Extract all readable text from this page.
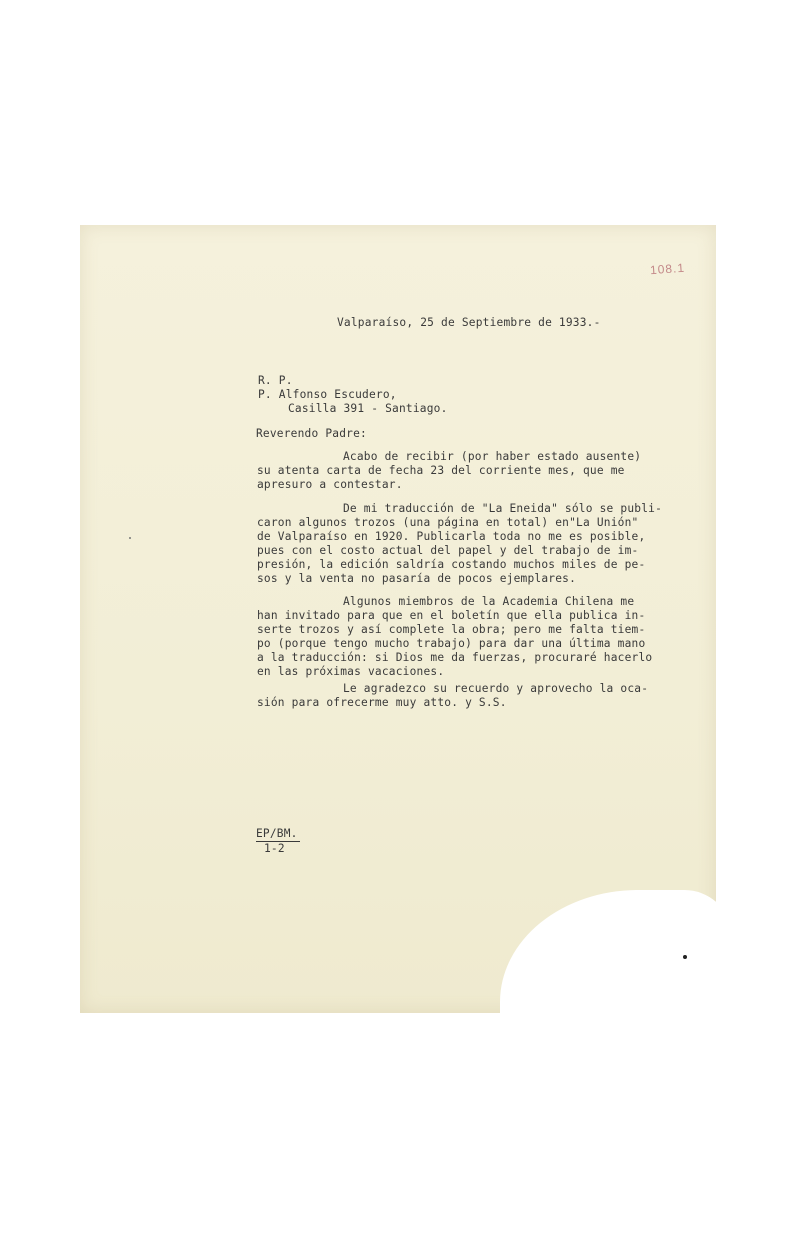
108.1
Valparaíso, 25 de Septiembre de 1933.-
R. P.
P. Alfonso Escudero,
Casilla 391 - Santiago.
Reverendo Padre:
Acabo de recibir (por haber estado ausente)
su atenta carta de fecha 23 del corriente mes, que me
apresuro a contestar.
De mi traducción de "La Eneida" sólo se publi-
caron algunos trozos (una página en total) en"La Unión"
de Valparaíso en 1920. Publicarla toda no me es posible,
pues con el costo actual del papel y del trabajo de im-
presión, la edición saldría costando muchos miles de pe-
sos y la venta no pasaría de pocos ejemplares.
Algunos miembros de la Academia Chilena me
han invitado para que en el boletín que ella publica in-
serte trozos y así complete la obra; pero me falta tiem-
po (porque tengo mucho trabajo) para dar una última mano
a la traducción: si Dios me da fuerzas, procuraré hacerlo
en las próximas vacaciones.
Le agradezco su recuerdo y aprovecho la oca-
sión para ofrecerme muy atto. y S.S.
EP/BM.
1-2
